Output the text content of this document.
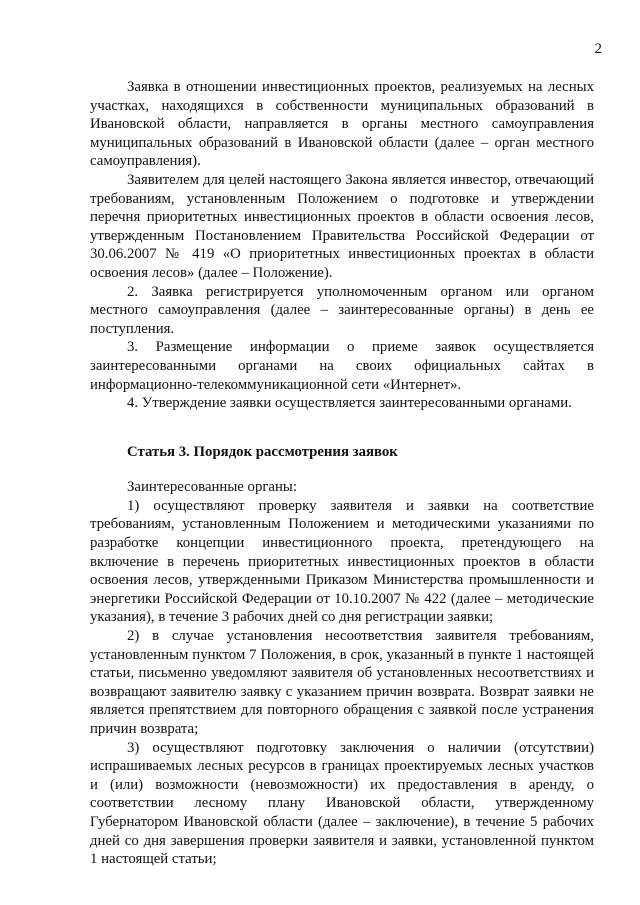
2

Заявка в отношении инвестиционных проектов, реализуемых на лесных участках, находящихся в собственности муниципальных образований в Ивановской области, направляется в органы местного самоуправления муниципальных образований в Ивановской области (далее – орган местного самоуправления).

Заявителем для целей настоящего Закона является инвестор, отвечающий требованиям, установленным Положением о подготовке и утверждении перечня приоритетных инвестиционных проектов в области освоения лесов, утвержденным Постановлением Правительства Российской Федерации от 30.06.2007 № 419 «О приоритетных инвестиционных проектах в области освоения лесов» (далее – Положение).

2. Заявка регистрируется уполномоченным органом или органом местного самоуправления (далее – заинтересованные органы) в день ее поступления.

3. Размещение информации о приеме заявок осуществляется заинтересованными органами на своих официальных сайтах в информационно-телекоммуникационной сети «Интернет».

4. Утверждение заявки осуществляется заинтересованными органами.

Статья 3. Порядок рассмотрения заявок

Заинтересованные органы:

1) осуществляют проверку заявителя и заявки на соответствие требованиям, установленным Положением и методическими указаниями по разработке концепции инвестиционного проекта, претендующего на включение в перечень приоритетных инвестиционных проектов в области освоения лесов, утвержденными Приказом Министерства промышленности и энергетики Российской Федерации от 10.10.2007 № 422 (далее – методические указания), в течение 3 рабочих дней со дня регистрации заявки;

2) в случае установления несоответствия заявителя требованиям, установленным пунктом 7 Положения, в срок, указанный в пункте 1 настоящей статьи, письменно уведомляют заявителя об установленных несоответствиях и возвращают заявителю заявку с указанием причин возврата. Возврат заявки не является препятствием для повторного обращения с заявкой после устранения причин возврата;

3) осуществляют подготовку заключения о наличии (отсутствии) испрашиваемых лесных ресурсов в границах проектируемых лесных участков и (или) возможности (невозможности) их предоставления в аренду, о соответствии лесному плану Ивановской области, утвержденному Губернатором Ивановской области (далее – заключение), в течение 5 рабочих дней со дня завершения проверки заявителя и заявки, установленной пунктом 1 настоящей статьи;
